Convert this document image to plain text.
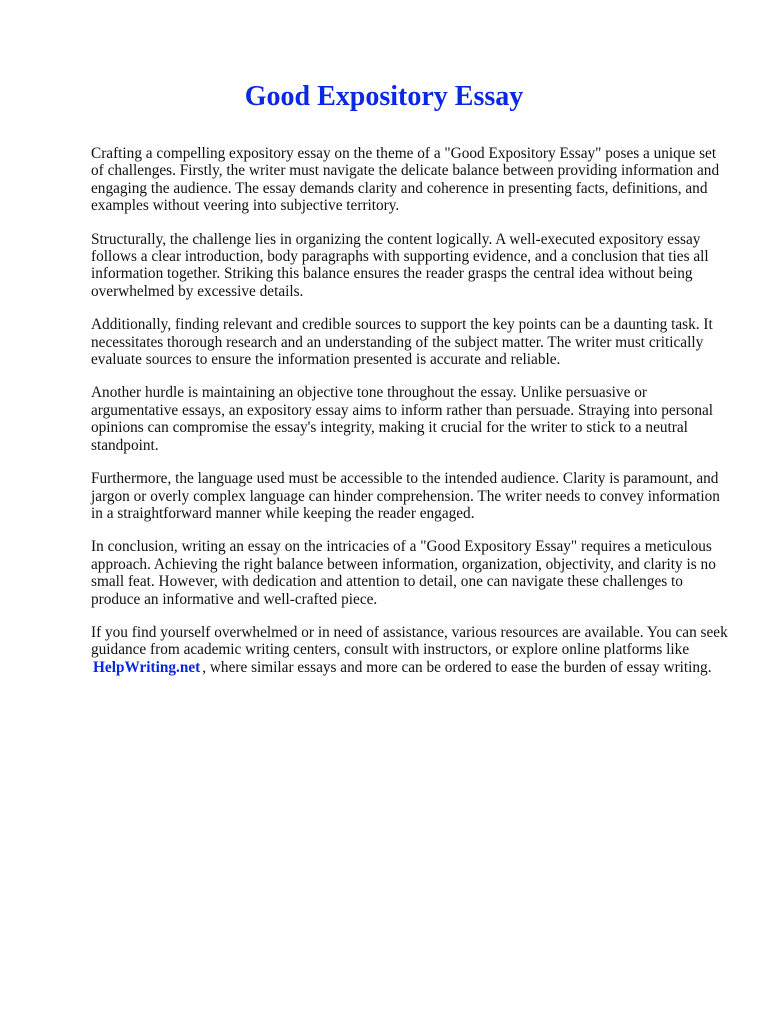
Good Expository Essay

Crafting a compelling expository essay on the theme of a "Good Expository Essay" poses a unique set of challenges. Firstly, the writer must navigate the delicate balance between providing information and engaging the audience. The essay demands clarity and coherence in presenting facts, definitions, and examples without veering into subjective territory.

Structurally, the challenge lies in organizing the content logically. A well-executed expository essay follows a clear introduction, body paragraphs with supporting evidence, and a conclusion that ties all information together. Striking this balance ensures the reader grasps the central idea without being overwhelmed by excessive details.

Additionally, finding relevant and credible sources to support the key points can be a daunting task. It necessitates thorough research and an understanding of the subject matter. The writer must critically evaluate sources to ensure the information presented is accurate and reliable.

Another hurdle is maintaining an objective tone throughout the essay. Unlike persuasive or argumentative essays, an expository essay aims to inform rather than persuade. Straying into personal opinions can compromise the essay's integrity, making it crucial for the writer to stick to a neutral standpoint.

Furthermore, the language used must be accessible to the intended audience. Clarity is paramount, and jargon or overly complex language can hinder comprehension. The writer needs to convey information in a straightforward manner while keeping the reader engaged.

In conclusion, writing an essay on the intricacies of a "Good Expository Essay" requires a meticulous approach. Achieving the right balance between information, organization, objectivity, and clarity is no small feat. However, with dedication and attention to detail, one can navigate these challenges to produce an informative and well-crafted piece.

If you find yourself overwhelmed or in need of assistance, various resources are available. You can seek guidance from academic writing centers, consult with instructors, or explore online platforms like HelpWriting.net , where similar essays and more can be ordered to ease the burden of essay writing.
